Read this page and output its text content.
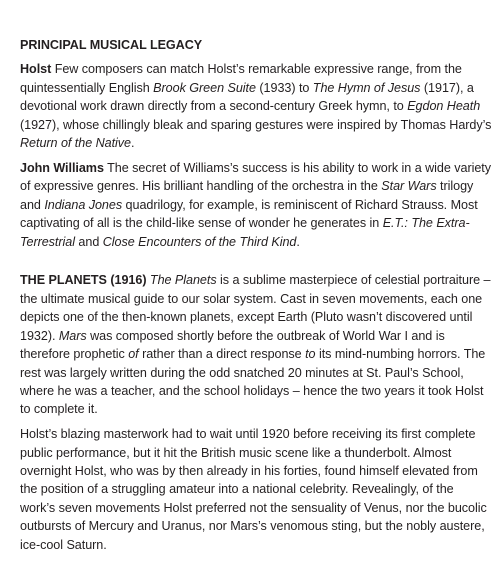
PRINCIPAL MUSICAL LEGACY

Holst Few composers can match Holst’s remarkable expressive range, from the quintessentially English Brook Green Suite (1933) to The Hymn of Jesus (1917), a devotional work drawn directly from a second-century Greek hymn, to Egdon Heath (1927), whose chillingly bleak and sparing gestures were inspired by Thomas Hardy’s Return of the Native.

John Williams The secret of Williams’s success is his ability to work in a wide variety of expressive genres. His brilliant handling of the orchestra in the Star Wars trilogy and Indiana Jones quadrilogy, for example, is reminiscent of Richard Strauss. Most captivating of all is the child-like sense of wonder he generates in E.T.: The Extra-Terrestrial and Close Encounters of the Third Kind.

THE PLANETS (1916) The Planets is a sublime masterpiece of celestial portraiture – the ultimate musical guide to our solar system. Cast in seven movements, each one depicts one of the then-known planets, except Earth (Pluto wasn’t discovered until 1932). Mars was composed shortly before the outbreak of World War I and is therefore prophetic of rather than a direct response to its mind-numbing horrors. The rest was largely written during the odd snatched 20 minutes at St. Paul’s School, where he was a teacher, and the school holidays – hence the two years it took Holst to complete it.

Holst’s blazing masterwork had to wait until 1920 before receiving its first complete public performance, but it hit the British music scene like a thunderbolt. Almost overnight Holst, who was by then already in his forties, found himself elevated from the position of a struggling amateur into a national celebrity. Revealingly, of the work’s seven movements Holst preferred not the sensuality of Venus, nor the bucolic outbursts of Mercury and Uranus, nor Mars’s venomous sting, but the nobly austere, ice-cool Saturn.
